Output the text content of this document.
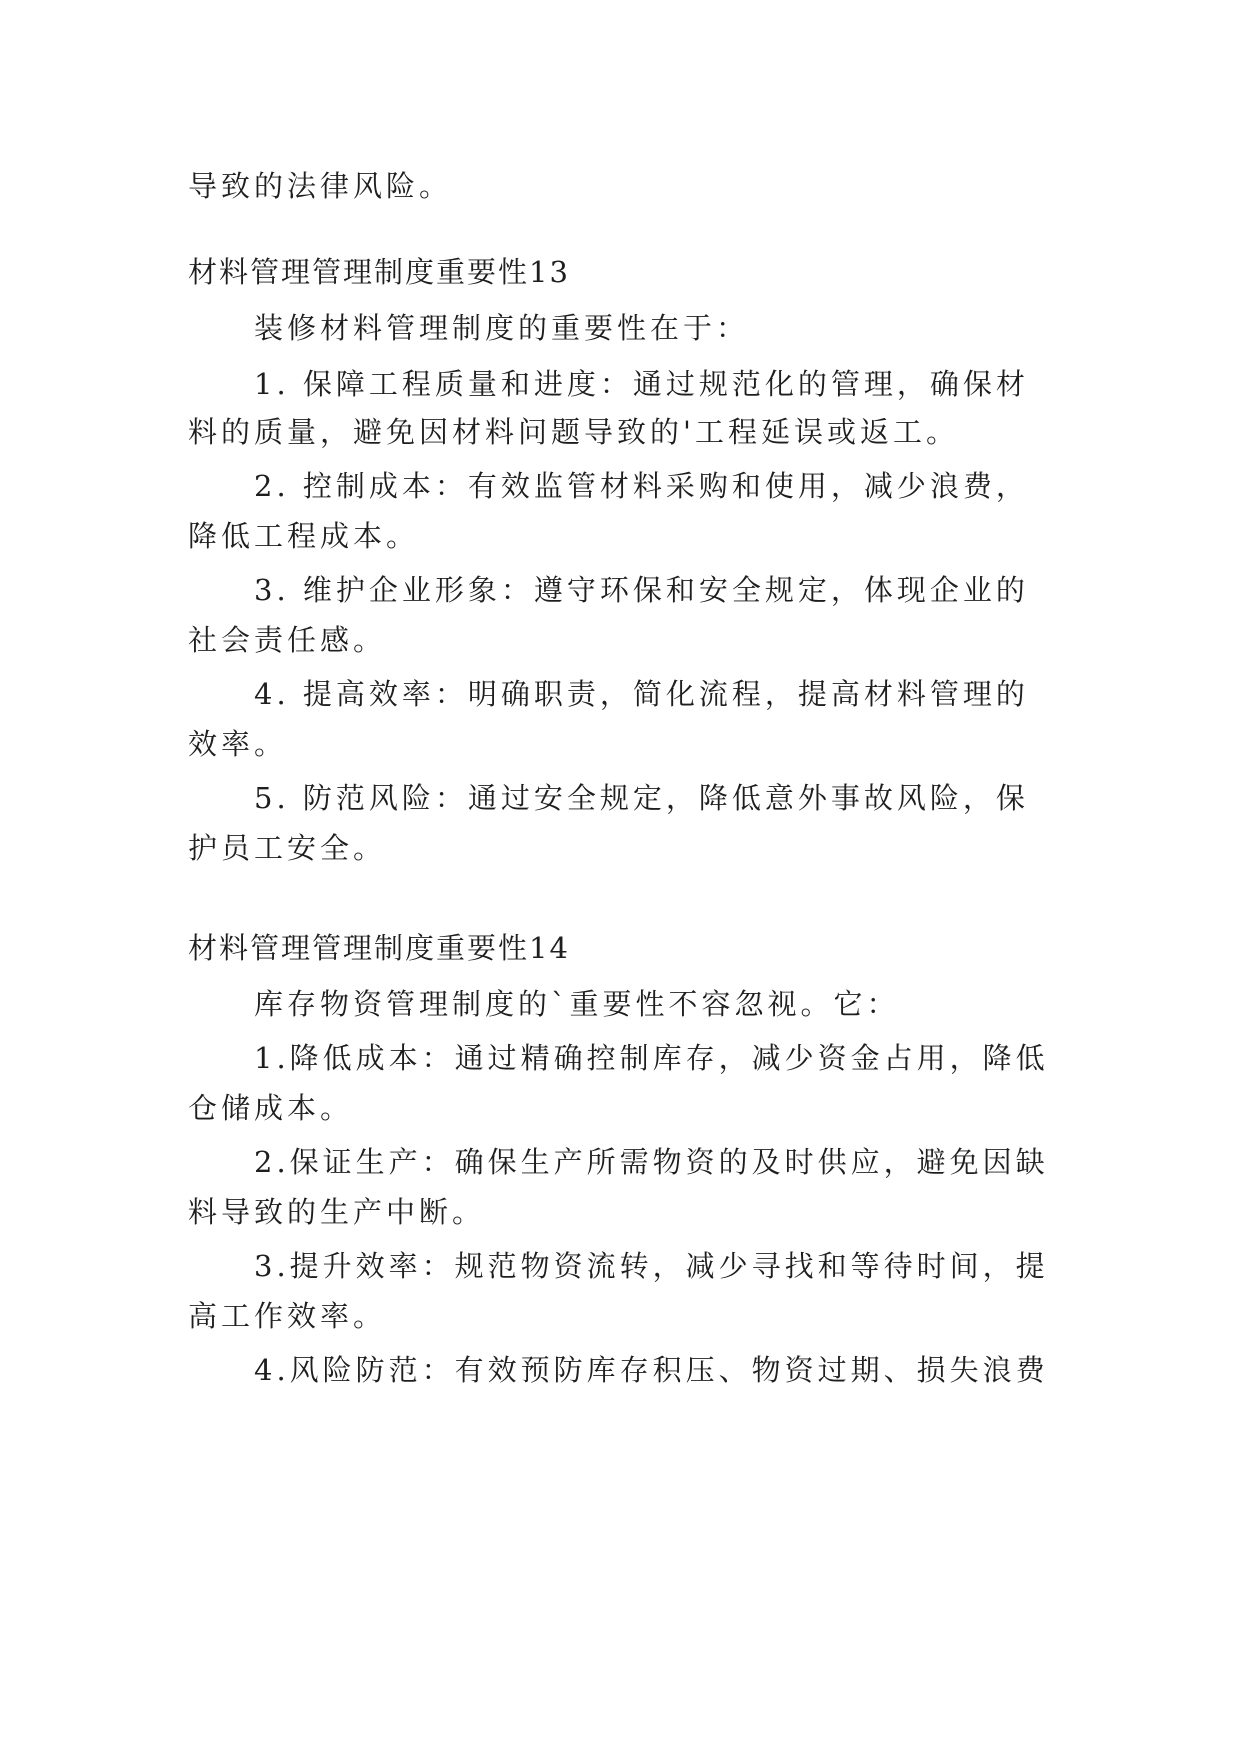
导致的法律风险。
材料管理管理制度重要性13
装修材料管理制度的重要性在于：
1. 保障工程质量和进度：通过规范化的管理，确保材
料的质量，避免因材料问题导致的'工程延误或返工。
2. 控制成本：有效监管材料采购和使用，减少浪费，
降低工程成本。
3. 维护企业形象：遵守环保和安全规定，体现企业的
社会责任感。
4. 提高效率：明确职责，简化流程，提高材料管理的
效率。
5. 防范风险：通过安全规定，降低意外事故风险，保
护员工安全。
材料管理管理制度重要性14
库存物资管理制度的`重要性不容忽视。它：
1.降低成本：通过精确控制库存，减少资金占用，降低
仓储成本。
2.保证生产：确保生产所需物资的及时供应，避免因缺
料导致的生产中断。
3.提升效率：规范物资流转，减少寻找和等待时间，提
高工作效率。
4.风险防范：有效预防库存积压、物资过期、损失浪费
